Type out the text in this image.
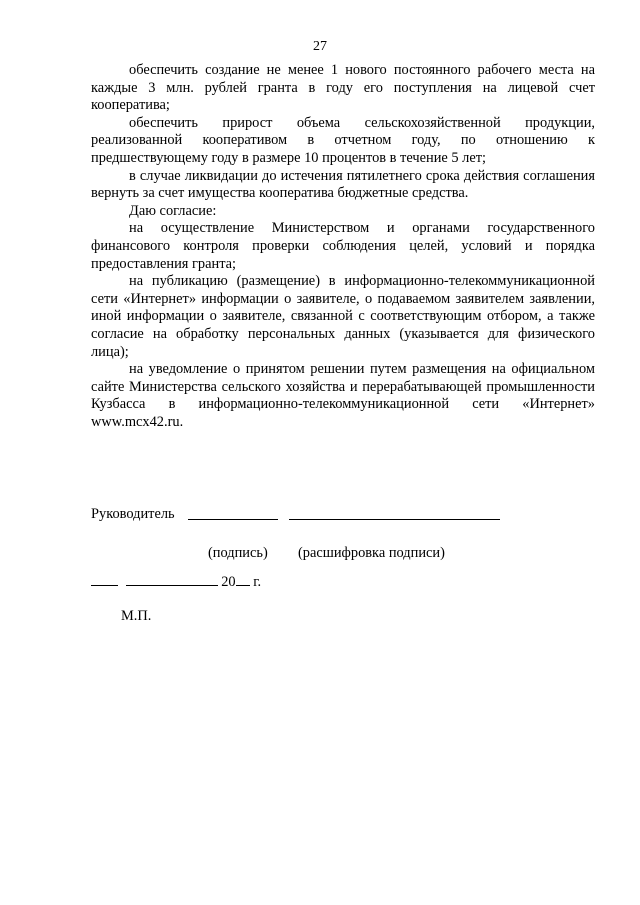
27

обеспечить создание не менее 1 нового постоянного рабочего места на каждые 3 млн. рублей гранта в году его поступления на лицевой счет кооператива;

обеспечить прирост объема сельскохозяйственной продукции, реализованной кооперативом в отчетном году, по отношению к предшествующему году в размере 10 процентов в течение 5 лет;

в случае ликвидации до истечения пятилетнего срока действия соглашения вернуть за счет имущества кооператива бюджетные средства.

Даю согласие:

на осуществление Министерством и органами государственного финансового контроля проверки соблюдения целей, условий и порядка предоставления гранта;

на публикацию (размещение) в информационно-телекоммуникационной сети «Интернет» информации о заявителе, о подаваемом заявителем заявлении, иной информации о заявителе, связанной с соответствующим отбором, а также согласие на обработку персональных данных (указывается для физического лица);

на уведомление о принятом решении путем размещения на официальном сайте Министерства сельского хозяйства и перерабатывающей промышленности Кузбасса в информационно-телекоммуникационной сети «Интернет» www.mcx42.ru.

Руководитель
(подпись) (расшифровка подписи)
20 г.
М.П.
